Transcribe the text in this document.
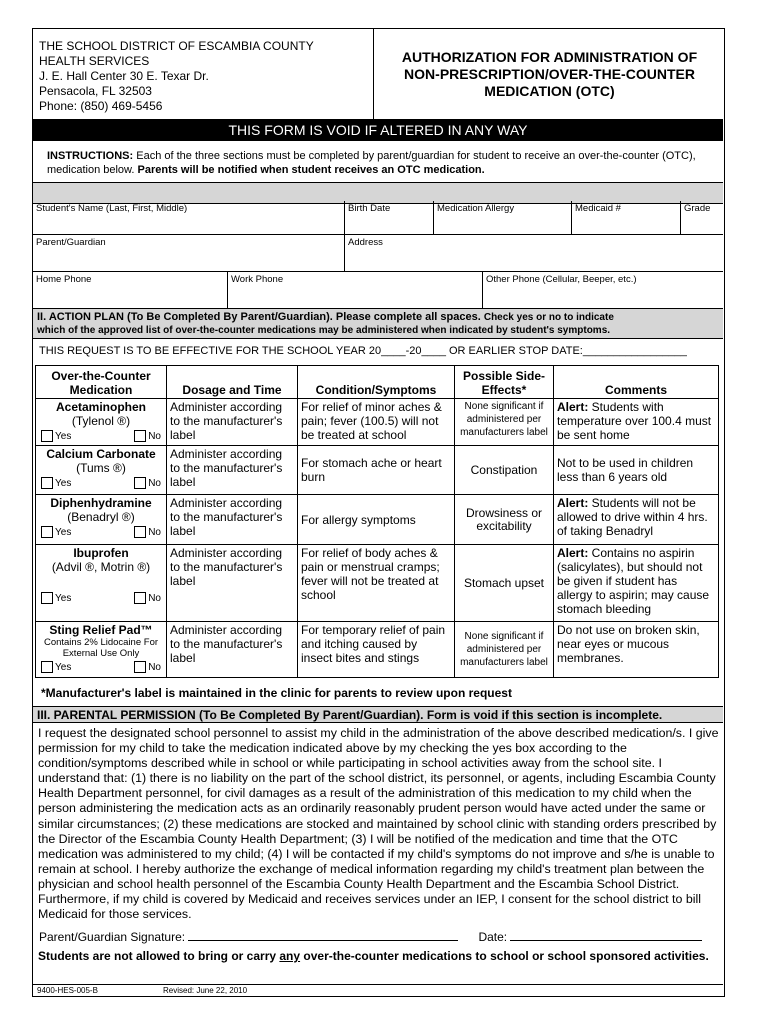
THE SCHOOL DISTRICT OF ESCAMBIA COUNTY
HEALTH SERVICES
J. E. Hall Center 30 E. Texar Dr.
Pensacola, FL 32503
Phone: (850) 469-5456
AUTHORIZATION FOR ADMINISTRATION OF
NON-PRESCRIPTION/OVER-THE-COUNTER
MEDICATION (OTC)
THIS FORM IS VOID IF ALTERED IN ANY WAY
INSTRUCTIONS: Each of the three sections must be completed by parent/guardian for student to receive an over-the-counter (OTC), medication below. Parents will be notified when student receives an OTC medication.
Student's Name (Last, First, Middle)	Birth Date	Medication Allergy	Medicaid #	Grade
Parent/Guardian	Address
Home Phone	Work Phone	Other Phone (Cellular, Beeper, etc.)
II. ACTION PLAN (To Be Completed By Parent/Guardian). Please complete all spaces. Check yes or no to indicate
which of the approved list of over-the-counter medications may be administered when indicated by student's symptoms.
THIS REQUEST IS TO BE EFFECTIVE FOR THE SCHOOL YEAR 20____-20____ OR EARLIER STOP DATE:_________________
Over-the-Counter Medication	Dosage and Time	Condition/Symptoms	Possible Side-Effects*	Comments
Acetaminophen
(Tylenol ®)
Yes No	Administer according to the manufacturer's label	For relief of minor aches & pain; fever (100.5) will not be treated at school	None significant if administered per manufacturers label	Alert: Students with temperature over 100.4 must be sent home
Calcium Carbonate
(Tums ®)
Yes No	Administer according to the manufacturer's label	For stomach ache or heart burn	Constipation	Not to be used in children less than 6 years old
Diphenhydramine
(Benadryl ®)
Yes No	Administer according to the manufacturer's label	For allergy symptoms	Drowsiness or excitability	Alert: Students will not be allowed to drive within 4 hrs. of taking Benadryl
Ibuprofen
(Advil ®, Motrin ®)
Yes No	Administer according to the manufacturer's label	For relief of body aches & pain or menstrual cramps; fever will not be treated at school	Stomach upset	Alert: Contains no aspirin (salicylates), but should not be given if student has allergy to aspirin; may cause stomach bleeding
Sting Relief Pad™
Contains 2% Lidocaine For External Use Only
Yes No	Administer according to the manufacturer's label	For temporary relief of pain and itching caused by insect bites and stings	None significant if administered per manufacturers label	Do not use on broken skin, near eyes or mucous membranes.
*Manufacturer's label is maintained in the clinic for parents to review upon request
III. PARENTAL PERMISSION (To Be Completed By Parent/Guardian). Form is void if this section is incomplete.
I request the designated school personnel to assist my child in the administration of the above described medication/s. I give permission for my child to take the medication indicated above by my checking the yes box according to the condition/symptoms described while in school or while participating in school activities away from the school site. I understand that: (1) there is no liability on the part of the school district, its personnel, or agents, including Escambia County Health Department personnel, for civil damages as a result of the administration of this medication to my child when the person administering the medication acts as an ordinarily reasonably prudent person would have acted under the same or similar circumstances; (2) these medications are stocked and maintained by school clinic with standing orders prescribed by the Director of the Escambia County Health Department; (3) I will be notified of the medication and time that the OTC medication was administered to my child; (4) I will be contacted if my child's symptoms do not improve and s/he is unable to remain at school. I hereby authorize the exchange of medical information regarding my child's treatment plan between the physician and school health personnel of the Escambia County Health Department and the Escambia School District. Furthermore, if my child is covered by Medicaid and receives services under an IEP, I consent for the school district to bill Medicaid for those services.
Parent/Guardian Signature:	Date:
Students are not allowed to bring or carry any over-the-counter medications to school or school sponsored activities.
9400-HES-005-B	Revised: June 22, 2010
